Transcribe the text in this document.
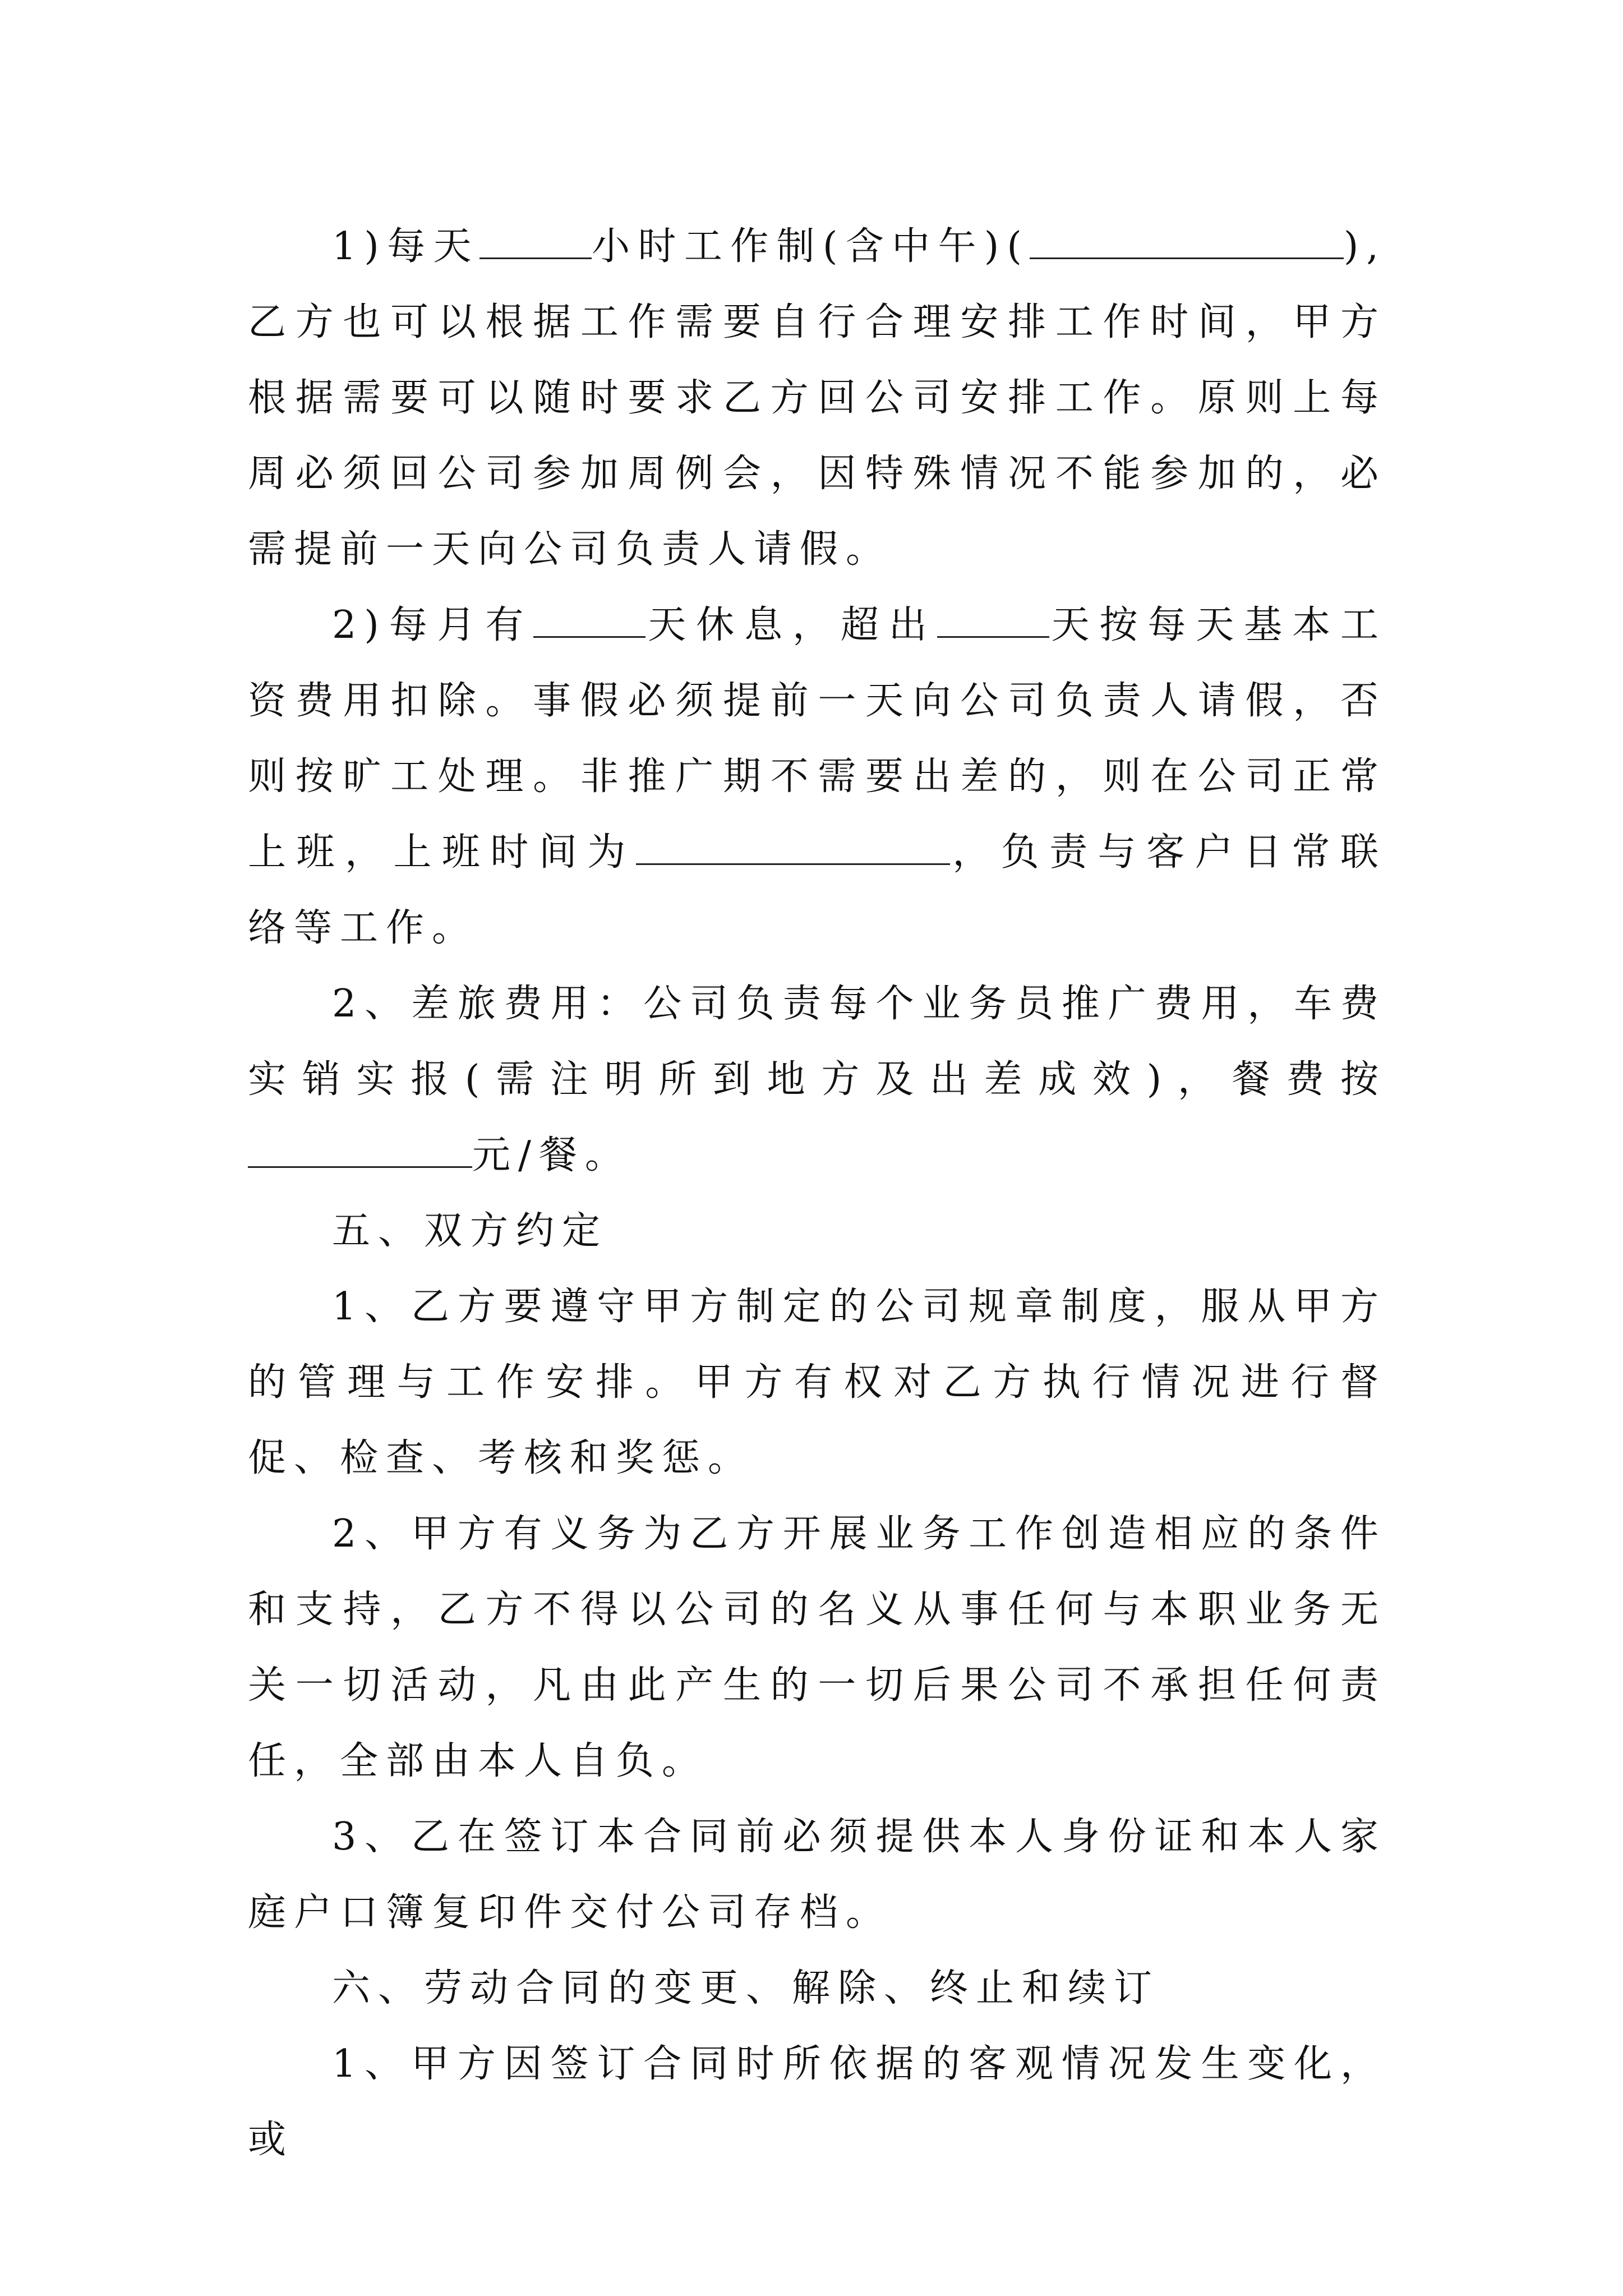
1)每天	小时工作制(含中午)(	),乙方也可以根据工作需要自行合理安排工作时间，甲方根据需要可以随时要求乙方回公司安排工作。原则上每周必须回公司参加周例会，因特殊情况不能参加的，必需提前一天向公司负责人请假。

2)每月有	天休息，超出	天按每天基本工资费用扣除。事假必须提前一天向公司负责人请假，否则按旷工处理。非推广期不需要出差的，则在公司正常上班，上班时间为	，负责与客户日常联络等工作。

2、差旅费用：公司负责每个业务员推广费用，车费实销实报(需注明所到地方及出差成效)，餐费按元/餐。

五、双方约定

1、乙方要遵守甲方制定的公司规章制度，服从甲方的管理与工作安排。甲方有权对乙方执行情况进行督促、检查、考核和奖惩。

2、甲方有义务为乙方开展业务工作创造相应的条件和支持，乙方不得以公司的名义从事任何与本职业务无关一切活动，凡由此产生的一切后果公司不承担任何责任，全部由本人自负。

3、乙在签订本合同前必须提供本人身份证和本人家庭户口簿复印件交付公司存档。

六、劳动合同的变更、解除、终止和续订

1、甲方因签订合同时所依据的客观情况发生变化，或
